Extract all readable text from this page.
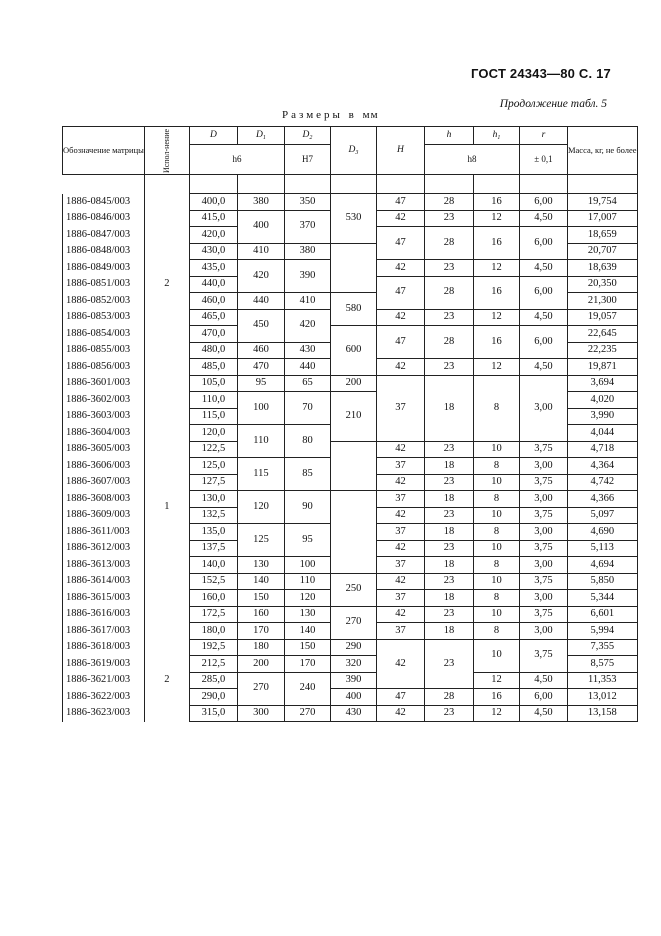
ГОСТ 24343—80 С. 17
Продолжение табл. 5
Размеры в мм
Обозначение матрицы	Испол-нение	D	$D_1$	$D_2$	$D_3$	H	h	$h_1$	r	Масса, кг, не более
		h6		H7			h8		± 0,1	

1886-0845/003	2	400,0	380	350	530	47	28	16	6,00	19,754
1886-0846/003		415,0	400	370		42	23	12	4,50	17,007
1886-0847/003		420,0				47	28	16	6,00	18,659
1886-0848/003		430,0	410	380						20,707
1886-0849/003		435,0	420	390		42	23	12	4,50	18,639
1886-0851/003		440,0				47	28	16	6,00	20,350
1886-0852/003		460,0	440	410	580					21,300
1886-0853/003		465,0	450	420		42	23	12	4,50	19,057
1886-0854/003		470,0			600	47	28	16	6,00	22,645
1886-0855/003		480,0	460	430						22,235
1886-0856/003		485,0	470	440		42	23	12	4,50	19,871
1886-3601/003	1	105,0	95	65	200	37	18	8	3,00	3,694
1886-3602/003		110,0	100	70	210					4,020
1886-3603/003		115,0								3,990
1886-3604/003		120,0	110	80						4,044
1886-3605/003		122,5				42	23	10	3,75	4,718
1886-3606/003		125,0	115	85		37	18	8	3,00	4,364
1886-3607/003		127,5				42	23	10	3,75	4,742
1886-3608/003		130,0	120	90		37	18	8	3,00	4,366
1886-3609/003		132,5				42	23	10	3,75	5,097
1886-3611/003		135,0	125	95		37	18	8	3,00	4,690
1886-3612/003		137,5				42	23	10	3,75	5,113
1886-3613/003		140,0	130	100		37	18	8	3,00	4,694
1886-3614/003		152,5	140	110	250	42	23	10	3,75	5,850
1886-3615/003		160,0	150	120		37	18	8	3,00	5,344
1886-3616/003		172,5	160	130	270	42	23	10	3,75	6,601
1886-3617/003		180,0	170	140		37	18	8	3,00	5,994
1886-3618/003	2	192,5	180	150	290	42	23	10	3,75	7,355
1886-3619/003		212,5	200	170	320					8,575
1886-3621/003		285,0	270	240	390			12	4,50	11,353
1886-3622/003		290,0			400	47	28	16	6,00	13,012
1886-3623/003		315,0	300	270	430	42	23	12	4,50	13,158
